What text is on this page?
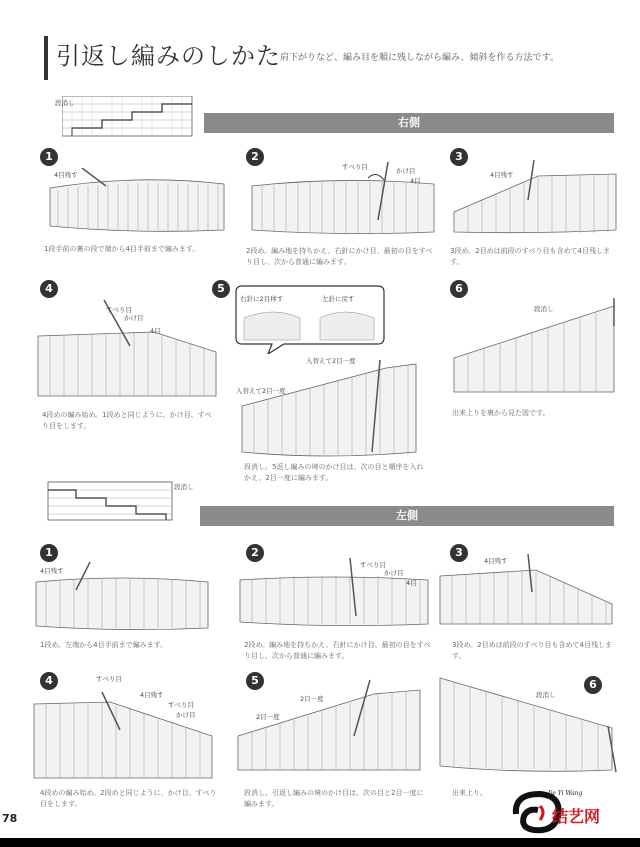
引返し編みのしかた 肩下がりなど、編み目を順に残しながら編み、傾斜を作る方法です。
段消し
右側
1	2	3
4	5	6
4目残す
1段手前の裏の段で端から4目手前まで編みます。
すべり目	かけ目
4目
2段め。編み地を持ちかえ、右針にかけ目、最初の目をすべり目し、次から普通に編みます。
4目残す
3段め。2目めは前段のすべり目も含めて4目残します。
すべり目
かけ目
4目
4段めの編み始め。1段めと同じように、かけ目、すべり目をします。
右針に2目移す	左針に戻す
入替えて2目一度
入替えて2目一度
段消し。5返し編みの境のかけ目は、次の目と順序を入れかえ、2目一度に編みます。
段消し
出来上りを裏から見た図です。
段消し
左側
1	2	3
4	5	6
4目残す
1段め。左端から4目手前まで編みます。
すべり目
かけ目
4目
2段め。編み地を持ちかえ、右針にかけ目、最初の目をすべり目し、次から普通に編みます。
4目残す
3段め。2目めは前段のすべり目も含めて4目残します。
すべり目
4目残す
すべり目
かけ目
4段めの編み始め。2段めと同じように、かけ目、すべり目をします。
2目一度
2目一度
段消し。引返し編みの境のかけ目は、次の目と2目一度に編みます。
段消し
出来上り。
78
Jie Yi Wang
结艺网
